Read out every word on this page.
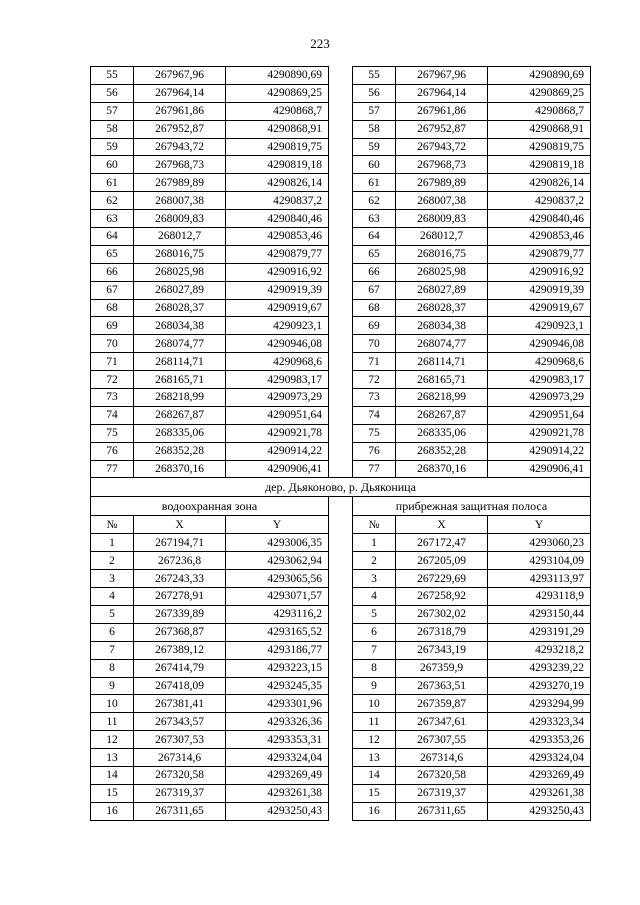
223
55	267967,96	4290890,69		55	267967,96	4290890,69
56	267964,14	4290869,25		56	267964,14	4290869,25
57	267961,86	4290868,7		57	267961,86	4290868,7
58	267952,87	4290868,91		58	267952,87	4290868,91
59	267943,72	4290819,75		59	267943,72	4290819,75
60	267968,73	4290819,18		60	267968,73	4290819,18
61	267989,89	4290826,14		61	267989,89	4290826,14
62	268007,38	4290837,2		62	268007,38	4290837,2
63	268009,83	4290840,46		63	268009,83	4290840,46
64	268012,7	4290853,46		64	268012,7	4290853,46
65	268016,75	4290879,77		65	268016,75	4290879,77
66	268025,98	4290916,92		66	268025,98	4290916,92
67	268027,89	4290919,39		67	268027,89	4290919,39
68	268028,37	4290919,67		68	268028,37	4290919,67
69	268034,38	4290923,1		69	268034,38	4290923,1
70	268074,77	4290946,08		70	268074,77	4290946,08
71	268114,71	4290968,6		71	268114,71	4290968,6
72	268165,71	4290983,17		72	268165,71	4290983,17
73	268218,99	4290973,29		73	268218,99	4290973,29
74	268267,87	4290951,64		74	268267,87	4290951,64
75	268335,06	4290921,78		75	268335,06	4290921,78
76	268352,28	4290914,22		76	268352,28	4290914,22
77	268370,16	4290906,41		77	268370,16	4290906,41
дер. Дьяконово, р. Дьяконица						
водоохранная зона				прибрежная защитная полоса		
№	X	Y		№	X	Y
1	267194,71	4293006,35		1	267172,47	4293060,23
2	267236,8	4293062,94		2	267205,09	4293104,09
3	267243,33	4293065,56		3	267229,69	4293113,97
4	267278,91	4293071,57		4	267258,92	4293118,9
5	267339,89	4293116,2		5	267302,02	4293150,44
6	267368,87	4293165,52		6	267318,79	4293191,29
7	267389,12	4293186,77		7	267343,19	4293218,2
8	267414,79	4293223,15		8	267359,9	4293239,22
9	267418,09	4293245,35		9	267363,51	4293270,19
10	267381,41	4293301,96		10	267359,87	4293294,99
11	267343,57	4293326,36		11	267347,61	4293323,34
12	267307,53	4293353,31		12	267307,55	4293353,26
13	267314,6	4293324,04		13	267314,6	4293324,04
14	267320,58	4293269,49		14	267320,58	4293269,49
15	267319,37	4293261,38		15	267319,37	4293261,38
16	267311,65	4293250,43		16	267311,65	4293250,43
